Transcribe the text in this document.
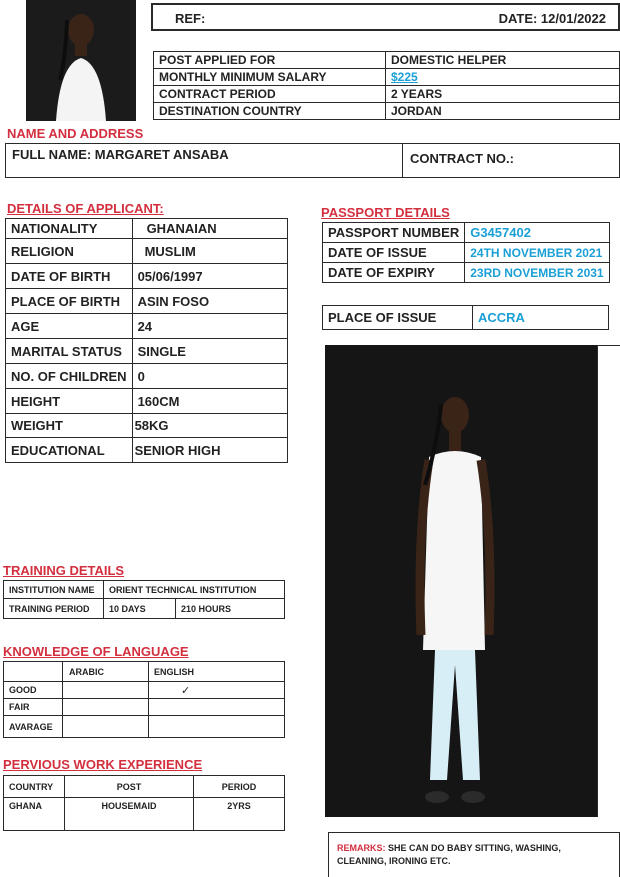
REF:	DATE: 12/01/2022
POST APPLIED FOR	DOMESTIC HELPER
MONTHLY MINIMUM SALARY	$225
CONTRACT PERIOD	2 YEARS
DESTINATION COUNTRY	JORDAN
NAME AND ADDRESS
FULL NAME: MARGARET ANSABA	CONTRACT NO.:
DETAILS OF APPLICANT:
NATIONALITY	GHANAIAN
RELIGION	MUSLIM
DATE OF BIRTH	05/06/1997
PLACE OF BIRTH	ASIN FOSO
AGE	24
MARITAL STATUS	SINGLE
NO. OF CHILDREN	0
HEIGHT	160CM
WEIGHT	58KG
EDUCATIONAL	SENIOR HIGH
PASSPORT DETAILS
PASSPORT NUMBER	G3457402
DATE OF ISSUE	24TH NOVEMBER 2021
DATE OF EXPIRY	23RD NOVEMBER 2031
PLACE OF ISSUE	ACCRA
TRAINING DETAILS
INSTITUTION NAME	ORIENT TECHNICAL INSTITUTION	
TRAINING PERIOD	10 DAYS	210 HOURS
KNOWLEDGE OF LANGUAGE
	ARABIC	ENGLISH
GOOD		✓
FAIR		
AVARAGE		
PERVIOUS WORK EXPERIENCE
COUNTRY	POST	PERIOD
GHANA	HOUSEMAID	2YRS
REMARKS: SHE CAN DO BABY SITTING, WASHING,
CLEANING, IRONING ETC.
